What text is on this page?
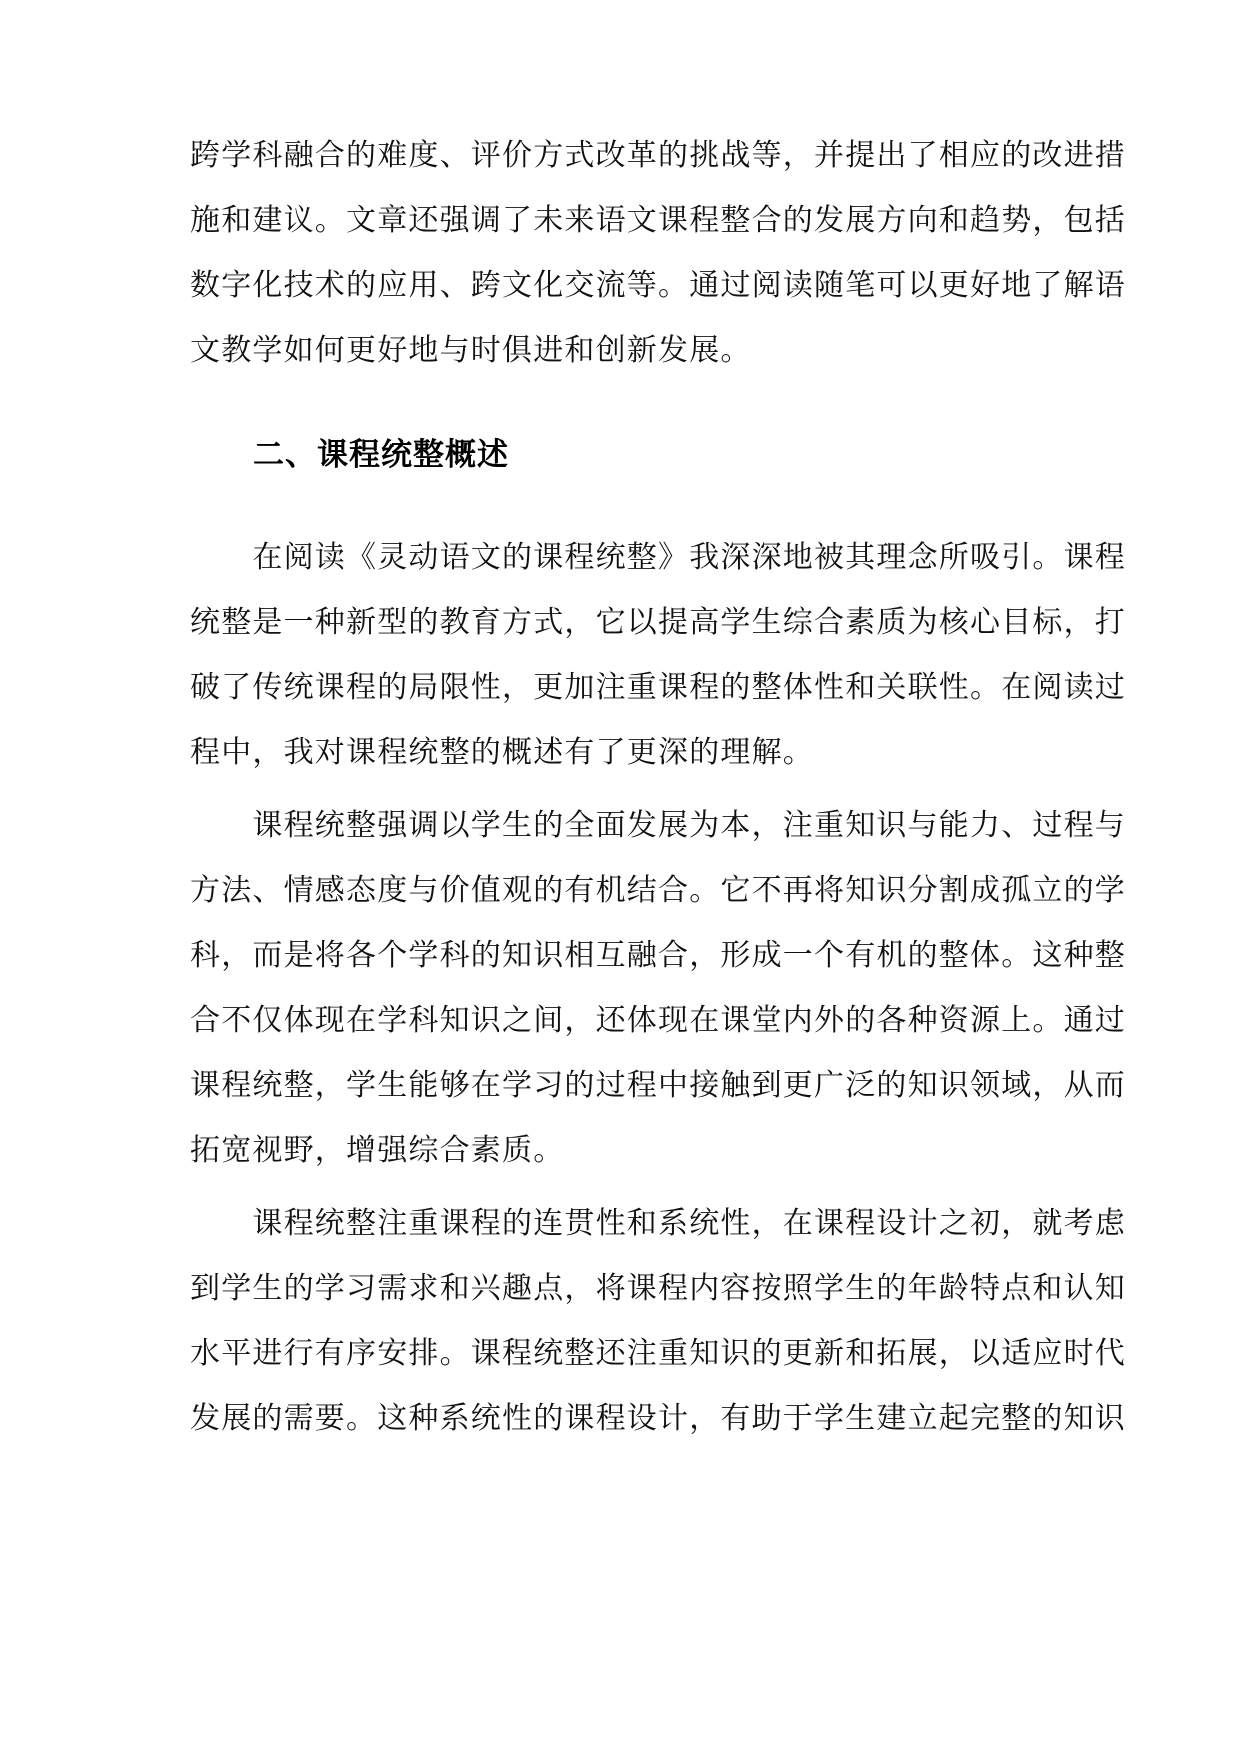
跨学科融合的难度、评价方式改革的挑战等，并提出了相应的改进措
施和建议。文章还强调了未来语文课程整合的发展方向和趋势，包括
数字化技术的应用、跨文化交流等。通过阅读随笔可以更好地了解语
文教学如何更好地与时俱进和创新发展。
二、课程统整概述
　　在阅读《灵动语文的课程统整》我深深地被其理念所吸引。课程
统整是一种新型的教育方式，它以提高学生综合素质为核心目标，打
破了传统课程的局限性，更加注重课程的整体性和关联性。在阅读过
程中，我对课程统整的概述有了更深的理解。
　　课程统整强调以学生的全面发展为本，注重知识与能力、过程与
方法、情感态度与价值观的有机结合。它不再将知识分割成孤立的学
科，而是将各个学科的知识相互融合，形成一个有机的整体。这种整
合不仅体现在学科知识之间，还体现在课堂内外的各种资源上。通过
课程统整，学生能够在学习的过程中接触到更广泛的知识领域，从而
拓宽视野，增强综合素质。
　　课程统整注重课程的连贯性和系统性，在课程设计之初，就考虑
到学生的学习需求和兴趣点，将课程内容按照学生的年龄特点和认知
水平进行有序安排。课程统整还注重知识的更新和拓展，以适应时代
发展的需要。这种系统性的课程设计，有助于学生建立起完整的知识
